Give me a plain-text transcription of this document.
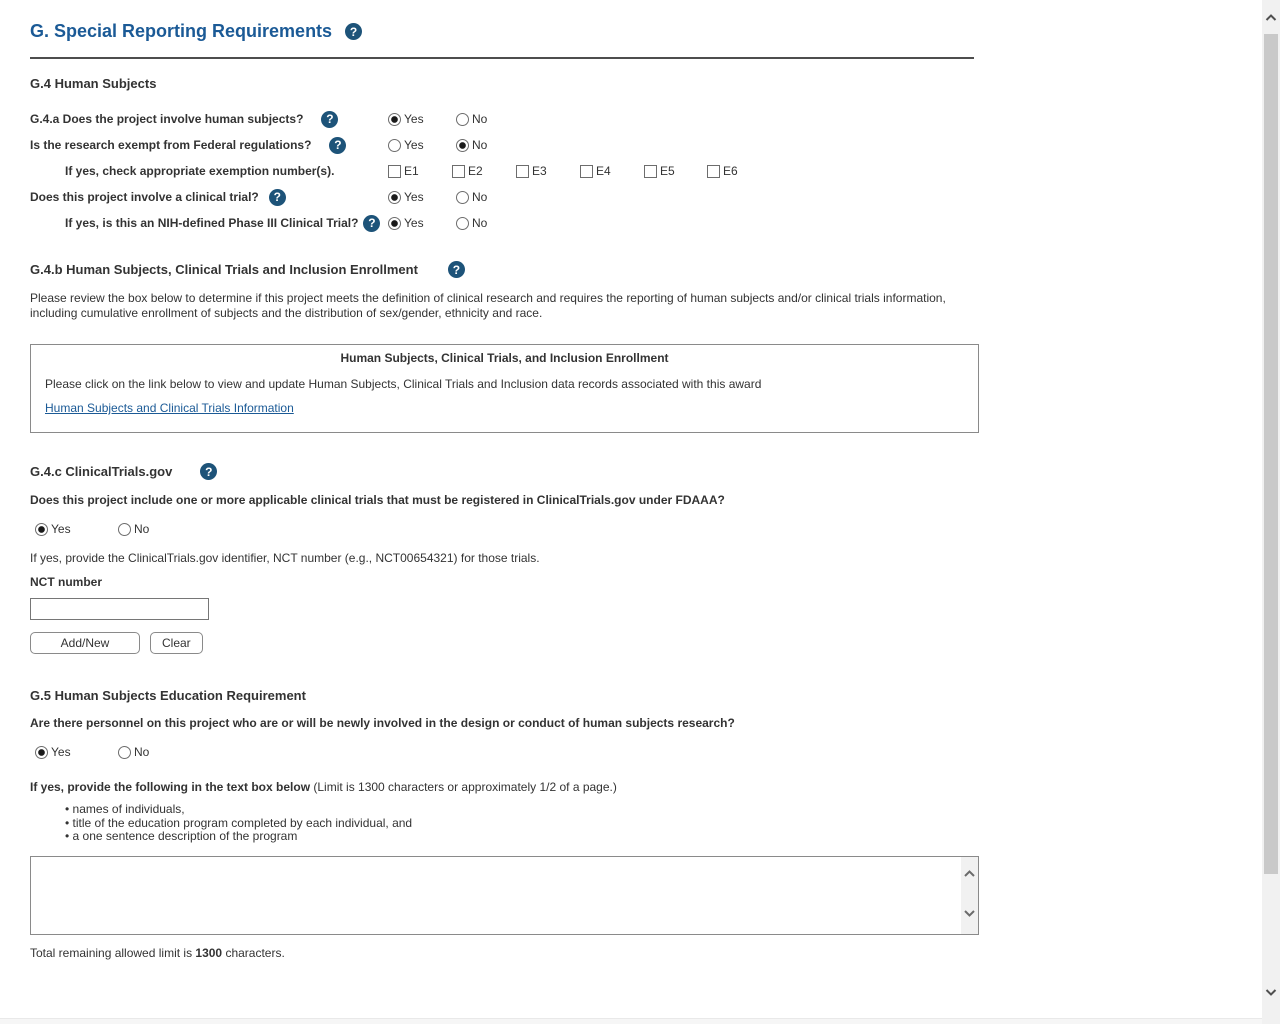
G. Special Reporting Requirements	?
G.4 Human Subjects
G.4.a Does the project involve human subjects?	?	Yes	No
Is the research exempt from Federal regulations?	?	Yes	No
If yes, check appropriate exemption number(s).	E1	E2	E3	E4	E5	E6
Does this project involve a clinical trial?	?	Yes	No
If yes, is this an NIH-defined Phase III Clinical Trial? ?	Yes	No
G.4.b Human Subjects, Clinical Trials and Inclusion Enrollment	?
Please review the box below to determine if this project meets the definition of clinical research and requires the reporting of human subjects and/or clinical trials information, including cumulative enrollment of subjects and the distribution of sex/gender, ethnicity and race.
Human Subjects, Clinical Trials, and Inclusion Enrollment
Please click on the link below to view and update Human Subjects, Clinical Trials and Inclusion data records associated with this award
Human Subjects and Clinical Trials Information
G.4.c ClinicalTrials.gov	?
Does this project include one or more applicable clinical trials that must be registered in ClinicalTrials.gov under FDAAA?
Yes	No
If yes, provide the ClinicalTrials.gov identifier, NCT number (e.g., NCT00654321) for those trials.
NCT number
Add/New	Clear
G.5 Human Subjects Education Requirement
Are there personnel on this project who are or will be newly involved in the design or conduct of human subjects research?
Yes	No
If yes, provide the following in the text box below (Limit is 1300 characters or approximately 1/2 of a page.)
• names of individuals,
• title of the education program completed by each individual, and
• a one sentence description of the program
Total remaining allowed limit is 1300 characters.
